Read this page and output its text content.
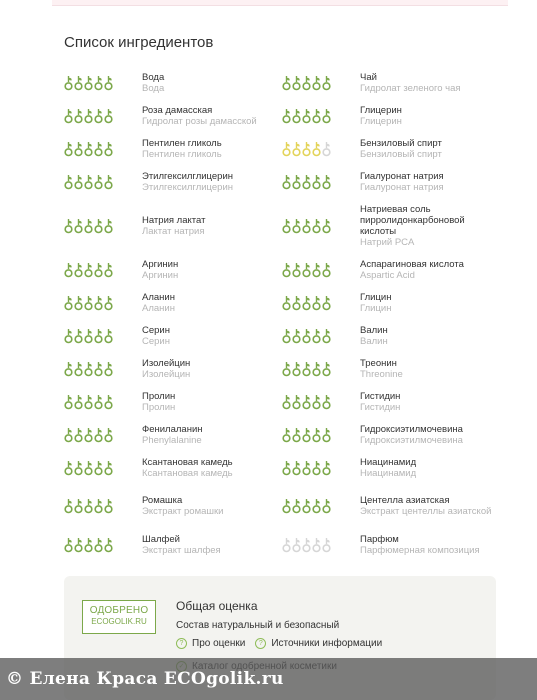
Список ингредиентов
Вода
Вода
Чай
Гидролат зеленого чая
Роза дамасская
Гидролат розы дамасской
Глицерин
Глицерин
Пентилен гликоль
Пентилен гликоль
Бензиловый спирт
Бензиловый спирт
Этилгексилглицерин
Этилгексилглицерин
Гиалуронат натрия
Гиалуронат натрия
Натрия лактат
Лактат натрия
Натриевая соль пирролидонкарбоновой кислоты
Натрий PCA
Аргинин
Аргинин
Аспарагиновая кислота
Aspartic Acid
Аланин
Аланин
Глицин
Глицин
Серин
Серин
Валин
Валин
Изолейцин
Изолейцин
Треонин
Threonine
Пролин
Пролин
Гистидин
Гистидин
Фенилаланин
Phenylalanine
Гидроксиэтилмочевина
Гидроксиэтилмочевина
Ксантановая камедь
Ксантановая камедь
Ниацинамид
Ниацинамид
Ромашка
Экстракт ромашки
Центелла азиатская
Экстракт центеллы азиатской
Шалфей
Экстракт шалфея
Парфюм
Парфюмерная композиция
ОДОБРЕНО
ECOGOLIK.RU
Общая оценка
Состав натуральный и безопасный
? Про оценки	? Источники информации
© Елена Краса ECOgolik.ru
